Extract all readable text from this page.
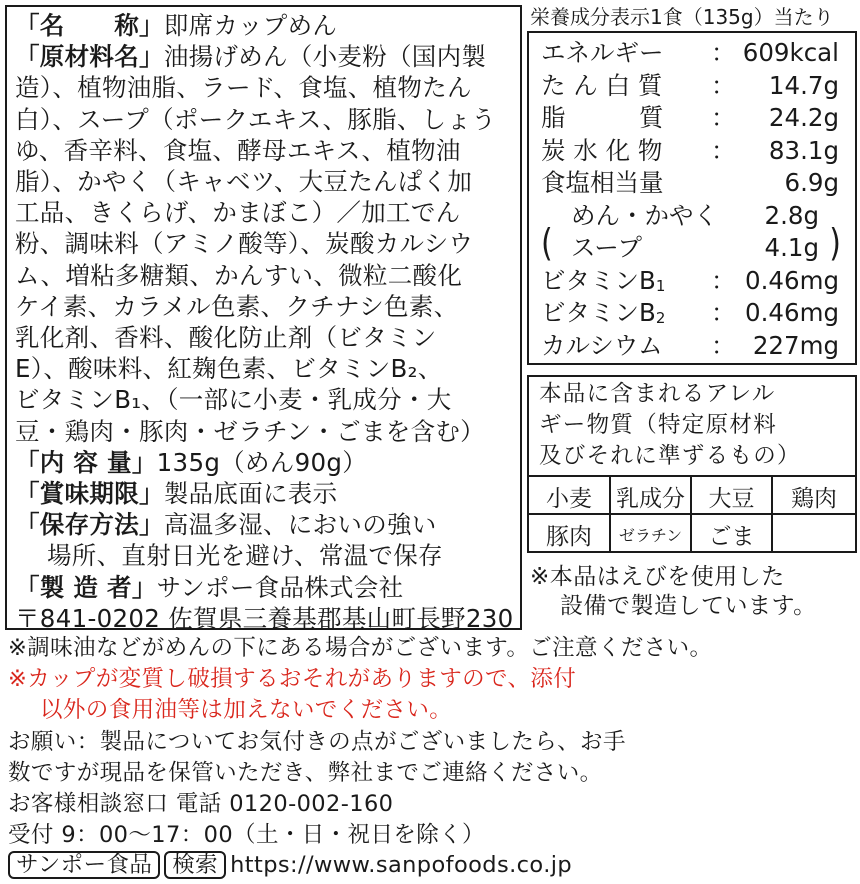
「名　　称」即席カップめん
「原材料名」油揚げめん（小麦粉（国内製
造）、植物油脂、ラード、食塩、植物たん
白）、スープ（ポークエキス、豚脂、しょう
ゆ、香辛料、食塩、酵母エキス、植物油
脂）、かやく（キャベツ、大豆たんぱく加
工品、きくらげ、かまぼこ）／加工でん
粉、調味料（アミノ酸等）、炭酸カルシウ
ム、増粘多糖類、かんすい、微粒二酸化
ケイ素、カラメル色素、クチナシ色素、
乳化剤、香料、酸化防止剤（ビタミン
E）、酸味料、紅麹色素、ビタミンB₂、
ビタミンB₁、（一部に小麦・乳成分・大
豆・鶏肉・豚肉・ゼラチン・ごまを含む）
「内 容 量」135g（めん90g）
「賞味期限」製品底面に表示
「保存方法」高温多湿、においの強い
場所、直射日光を避け、常温で保存
「製 造 者」サンポー食品株式会社
〒841-0202 佐賀県三養基郡基山町長野230
栄養成分表示1食（135g）当たり
エネルギー ： 609kcal
た ん 白 質 ： 14.7g
脂　　　質 ： 24.2g
炭 水 化 物 ： 83.1g
食塩相当量	6.9g
(	)
めん・かやく 2.8g
スープ	4.1g
ビタミン$B_1$ ： 0.46mg
ビタミン$B_2$ ： 0.46mg
カルシウム ： 227mg
本品に含まれるアレル
ギー物質（特定原材料
及びそれに準ずるもの）
小麦	乳成分	大豆	鶏肉
豚肉	ゼラチン	ごま
※本品はえびを使用した
設備で製造しています。
※調味油などがめんの下にある場合がございます。ご注意ください。
※カップが変質し破損するおそれがありますので、添付
以外の食用油等は加えないでください。
お願い：製品についてお気付きの点がございましたら、お手
数ですが現品を保管いただき、弊社までご連絡ください。
お客様相談窓口 電話 0120-002-160
受付 9：00～17：00（土・日・祝日を除く）
サンポー食品 検索 https://www.sanpofoods.co.jp
